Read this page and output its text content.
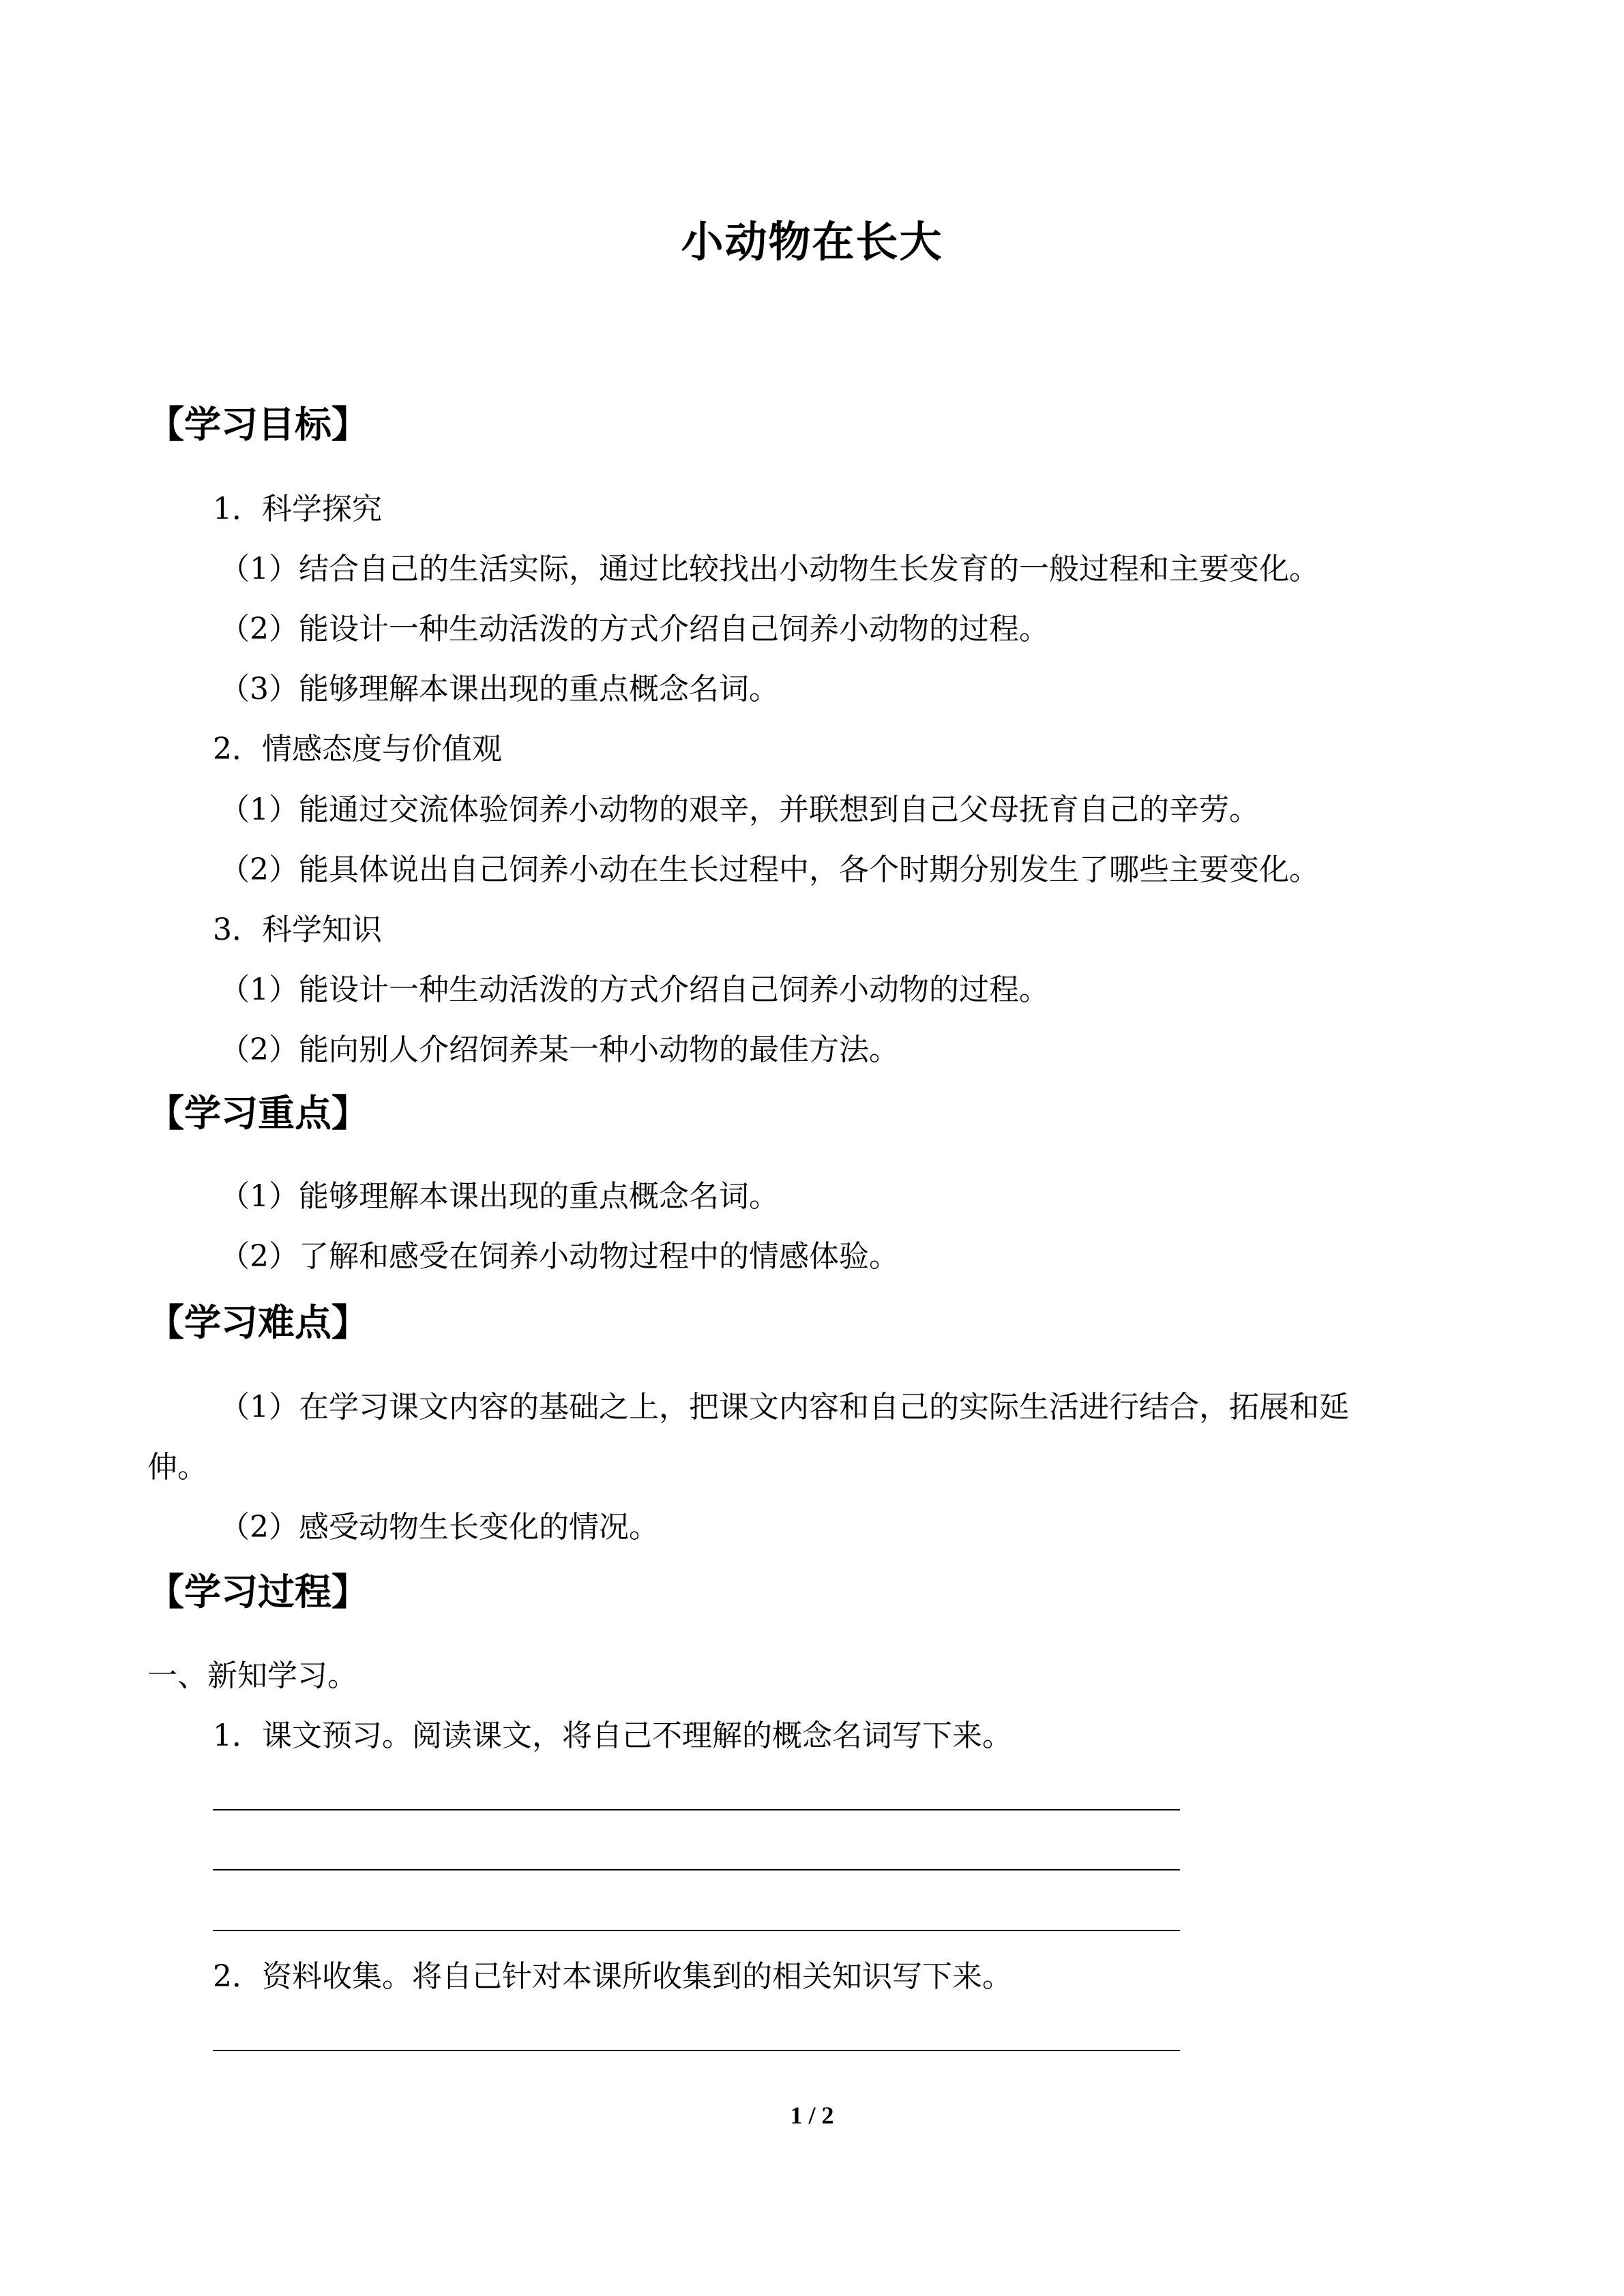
小动物在长大
【学习目标】
1．科学探究
（1）结合自己的生活实际，通过比较找出小动物生长发育的一般过程和主要变化。
（2）能设计一种生动活泼的方式介绍自己饲养小动物的过程。
（3）能够理解本课出现的重点概念名词。
2．情感态度与价值观
（1）能通过交流体验饲养小动物的艰辛，并联想到自己父母抚育自己的辛劳。
（2）能具体说出自己饲养小动在生长过程中，各个时期分别发生了哪些主要变化。
3．科学知识
（1）能设计一种生动活泼的方式介绍自己饲养小动物的过程。
（2）能向别人介绍饲养某一种小动物的最佳方法。
【学习重点】
（1）能够理解本课出现的重点概念名词。
（2）了解和感受在饲养小动物过程中的情感体验。
【学习难点】
（1）在学习课文内容的基础之上，把课文内容和自己的实际生活进行结合，拓展和延
伸。
（2）感受动物生长变化的情况。
【学习过程】
一、新知学习。
1．课文预习。阅读课文，将自己不理解的概念名词写下来。
2．资料收集。将自己针对本课所收集到的相关知识写下来。
1 / 2
